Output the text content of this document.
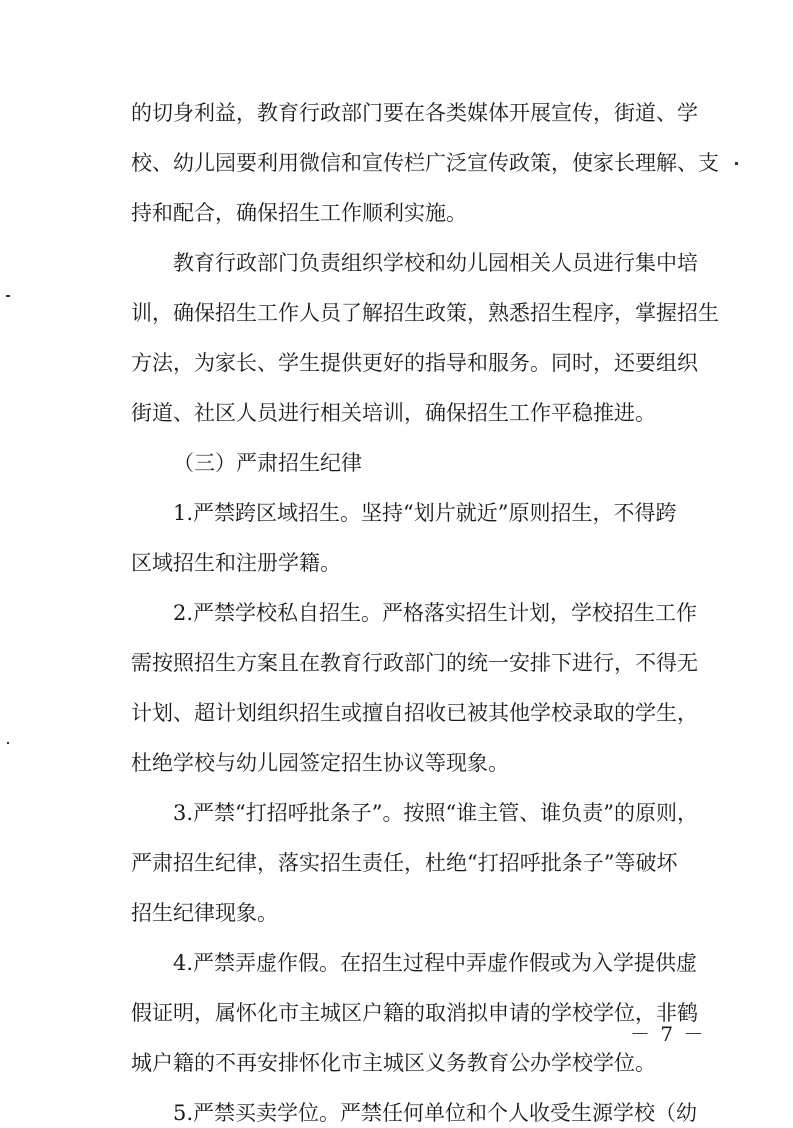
的切身利益，教育行政部门要在各类媒体开展宣传，街道、学
校、幼儿园要利用微信和宣传栏广泛宣传政策，使家长理解、支
持和配合，确保招生工作顺利实施。
教育行政部门负责组织学校和幼儿园相关人员进行集中培
训，确保招生工作人员了解招生政策，熟悉招生程序，掌握招生
方法，为家长、学生提供更好的指导和服务。同时，还要组织
街道、社区人员进行相关培训，确保招生工作平稳推进。
（三）严肃招生纪律
1.严禁跨区域招生。坚持“划片就近”原则招生，不得跨
区域招生和注册学籍。
2.严禁学校私自招生。严格落实招生计划，学校招生工作
需按照招生方案且在教育行政部门的统一安排下进行，不得无
计划、超计划组织招生或擅自招收已被其他学校录取的学生，
杜绝学校与幼儿园签定招生协议等现象。
3.严禁“打招呼批条子”。按照“谁主管、谁负责”的原则，
严肃招生纪律，落实招生责任，杜绝“打招呼批条子”等破坏
招生纪律现象。
4.严禁弄虚作假。在招生过程中弄虚作假或为入学提供虚
假证明，属怀化市主城区户籍的取消拟申请的学校学位，非鹤
城户籍的不再安排怀化市主城区义务教育公办学校学位。
5.严禁买卖学位。严禁任何单位和个人收受生源学校（幼
－ 7 －
